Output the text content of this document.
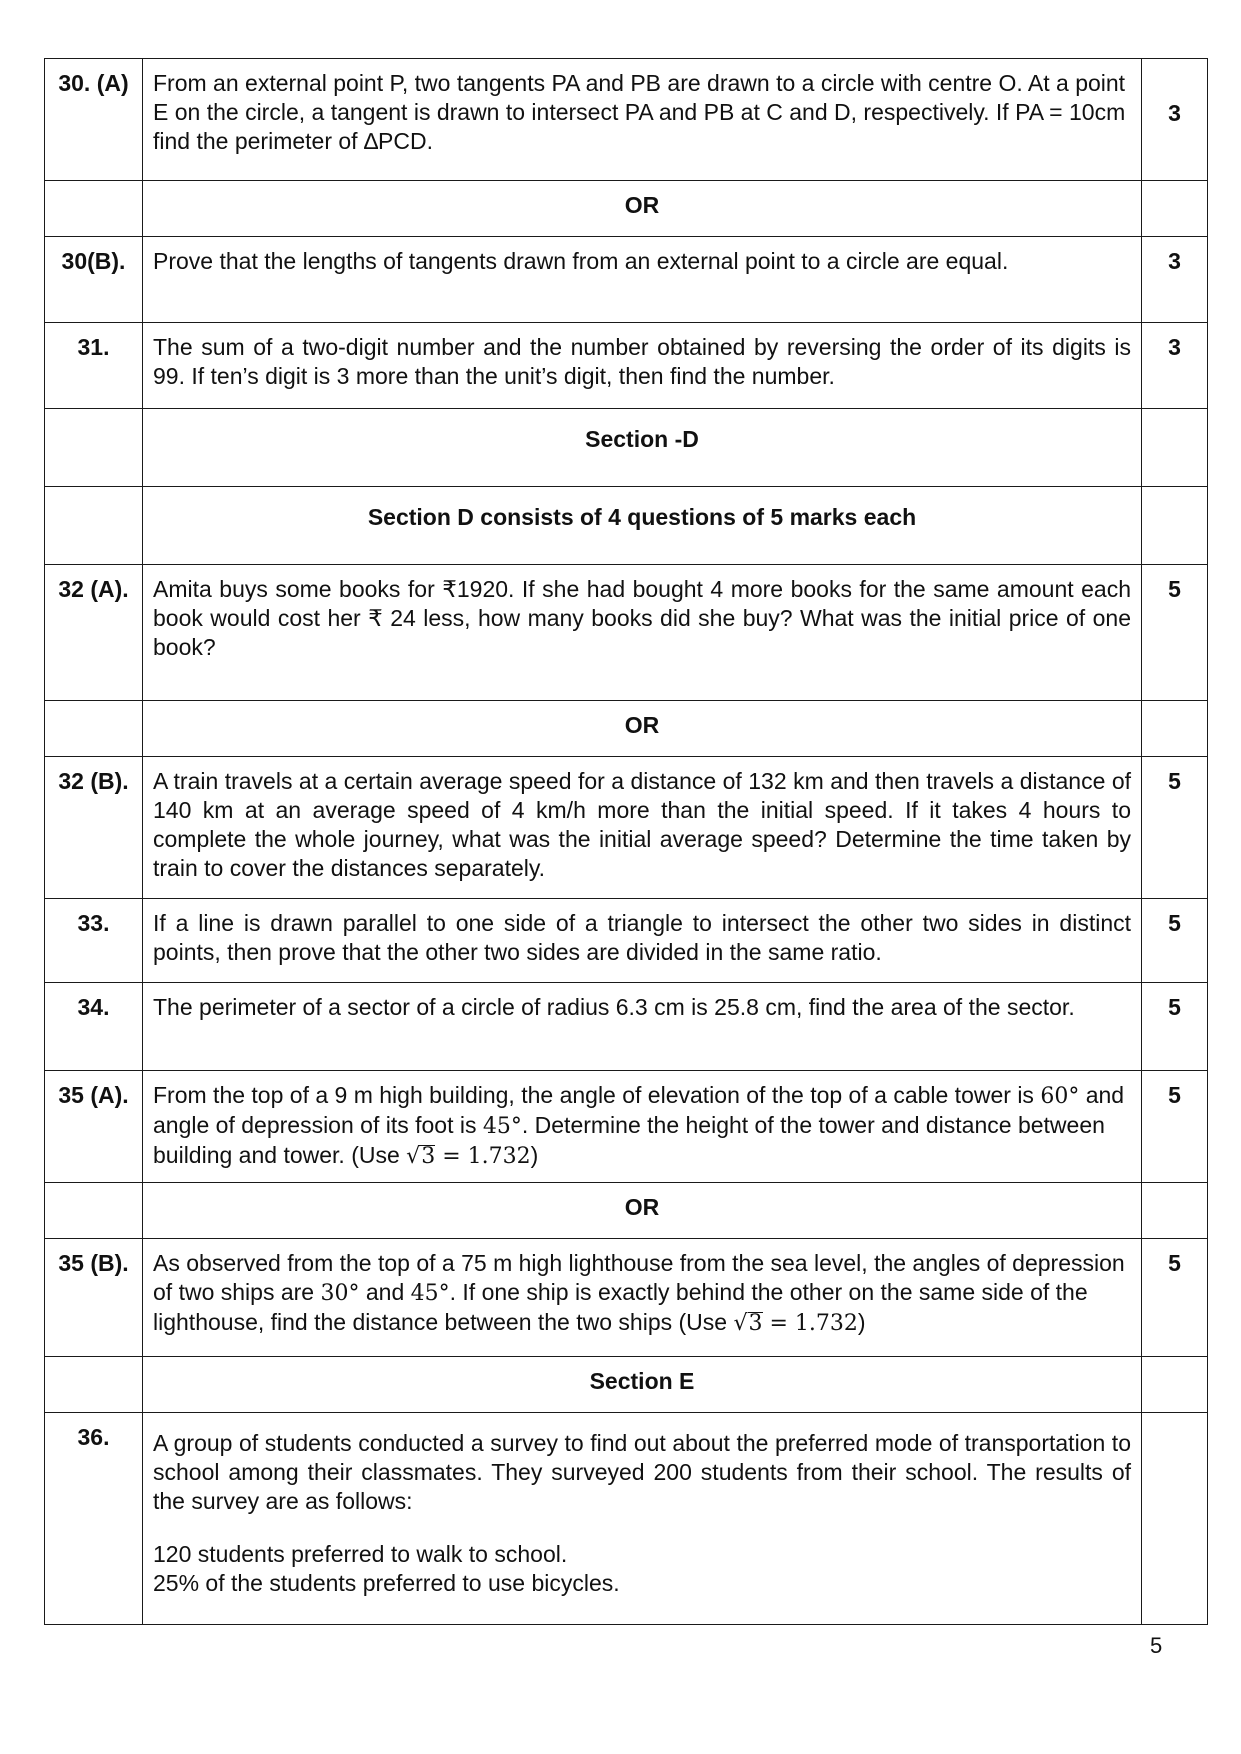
30. (A)	From an external point P, two tangents PA and PB are drawn to a circle with centre O. At a point E on the circle, a tangent is drawn to intersect PA and PB at C and D, respectively. If PA = 10cm find the perimeter of ∆PCD.	3
	OR	
30(B).	Prove that the lengths of tangents drawn from an external point to a circle are equal.	3
31.	The sum of a two-digit number and the number obtained by reversing the order of its digits is 99. If ten’s digit is 3 more than the unit’s digit, then find the number.	3
	Section -D	
	Section D consists of 4 questions of 5 marks each	
32 (A).	Amita buys some books for ₹1920. If she had bought 4 more books for the same amount each book would cost her ₹ 24 less, how many books did she buy? What was the initial price of one book?	5
	OR	
32 (B).	A train travels at a certain average speed for a distance of 132 km and then travels a distance of 140 km at an average speed of 4 km/h more than the initial speed. If it takes 4 hours to complete the whole journey, what was the initial average speed? Determine the time taken by train to cover the distances separately.	5
33.	If a line is drawn parallel to one side of a triangle to intersect the other two sides in distinct points, then prove that the other two sides are divided in the same ratio.	5
34.	The perimeter of a sector of a circle of radius 6.3 cm is 25.8 cm, find the area of the sector.	5
35 (A).	From the top of a 9 m high building, the angle of elevation of the top of a cable tower is 60° and angle of depression of its foot is 45°. Determine the height of the tower and distance between building and tower. (Use √3 = 1.732)	5
	OR	
35 (B).	As observed from the top of a 75 m high lighthouse from the sea level, the angles of depression of two ships are 30° and 45°. If one ship is exactly behind the other on the same side of the lighthouse, find the distance between the two ships (Use √3 = 1.732)	5
	Section E	
36.	A group of students conducted a survey to find out about the preferred mode of transportation to school among their classmates. They surveyed 200 students from their school. The results of the survey are as follows:
120 students preferred to walk to school.
25% of the students preferred to use bicycles.	

5
